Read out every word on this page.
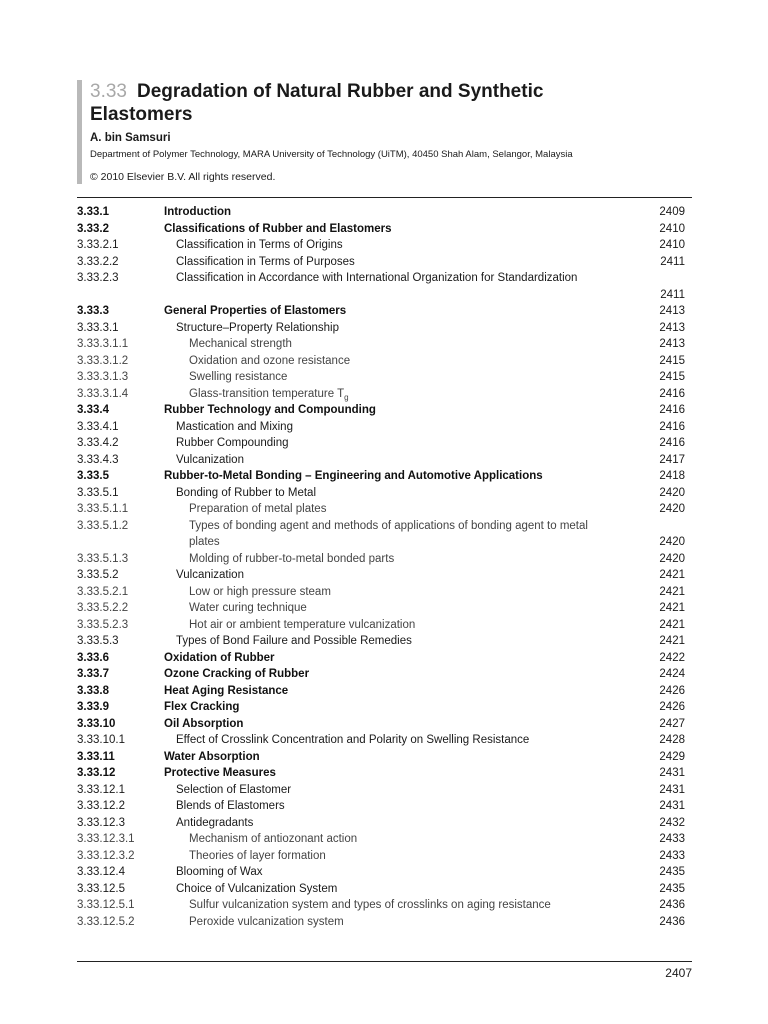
3.33 Degradation of Natural Rubber and Synthetic

Elastomers

A. bin Samsuri
Department of Polymer Technology, MARA University of Technology (UiTM), 40450 Shah Alam, Selangor, Malaysia
© 2010 Elsevier B.V. All rights reserved.
3.33.1	Introduction	2409
3.33.2	Classifications of Rubber and Elastomers	2410
3.33.2.1	Classification in Terms of Origins	2410
3.33.2.2	Classification in Terms of Purposes	2411
3.33.2.3	Classification in Accordance with International Organization for Standardization
2411
3.33.3	General Properties of Elastomers	2413
3.33.3.1	Structure–Property Relationship	2413
3.33.3.1.1	Mechanical strength	2413
3.33.3.1.2	Oxidation and ozone resistance	2415
3.33.3.1.3	Swelling resistance	2415
3.33.3.1.4	Glass-transition temperature $T_g$	2416
3.33.4	Rubber Technology and Compounding	2416
3.33.4.1	Mastication and Mixing	2416
3.33.4.2	Rubber Compounding	2416
3.33.4.3	Vulcanization	2417
3.33.5	Rubber-to-Metal Bonding – Engineering and Automotive Applications	2418
3.33.5.1	Bonding of Rubber to Metal	2420
3.33.5.1.1	Preparation of metal plates	2420
3.33.5.1.2	Types of bonding agent and methods of applications of bonding agent to metal plates	2420
3.33.5.1.3	Molding of rubber-to-metal bonded parts	2420
3.33.5.2	Vulcanization	2421
3.33.5.2.1	Low or high pressure steam	2421
3.33.5.2.2	Water curing technique	2421
3.33.5.2.3	Hot air or ambient temperature vulcanization	2421
3.33.5.3	Types of Bond Failure and Possible Remedies	2421
3.33.6	Oxidation of Rubber	2422
3.33.7	Ozone Cracking of Rubber	2424
3.33.8	Heat Aging Resistance	2426
3.33.9	Flex Cracking	2426
3.33.10	Oil Absorption	2427
3.33.10.1	Effect of Crosslink Concentration and Polarity on Swelling Resistance	2428
3.33.11	Water Absorption	2429
3.33.12	Protective Measures	2431
3.33.12.1	Selection of Elastomer	2431
3.33.12.2	Blends of Elastomers	2431
3.33.12.3	Antidegradants	2432
3.33.12.3.1	Mechanism of antiozonant action	2433
3.33.12.3.2	Theories of layer formation	2433
3.33.12.4	Blooming of Wax	2435
3.33.12.5	Choice of Vulcanization System	2435
3.33.12.5.1	Sulfur vulcanization system and types of crosslinks on aging resistance	2436
3.33.12.5.2	Peroxide vulcanization system	2436
2407
